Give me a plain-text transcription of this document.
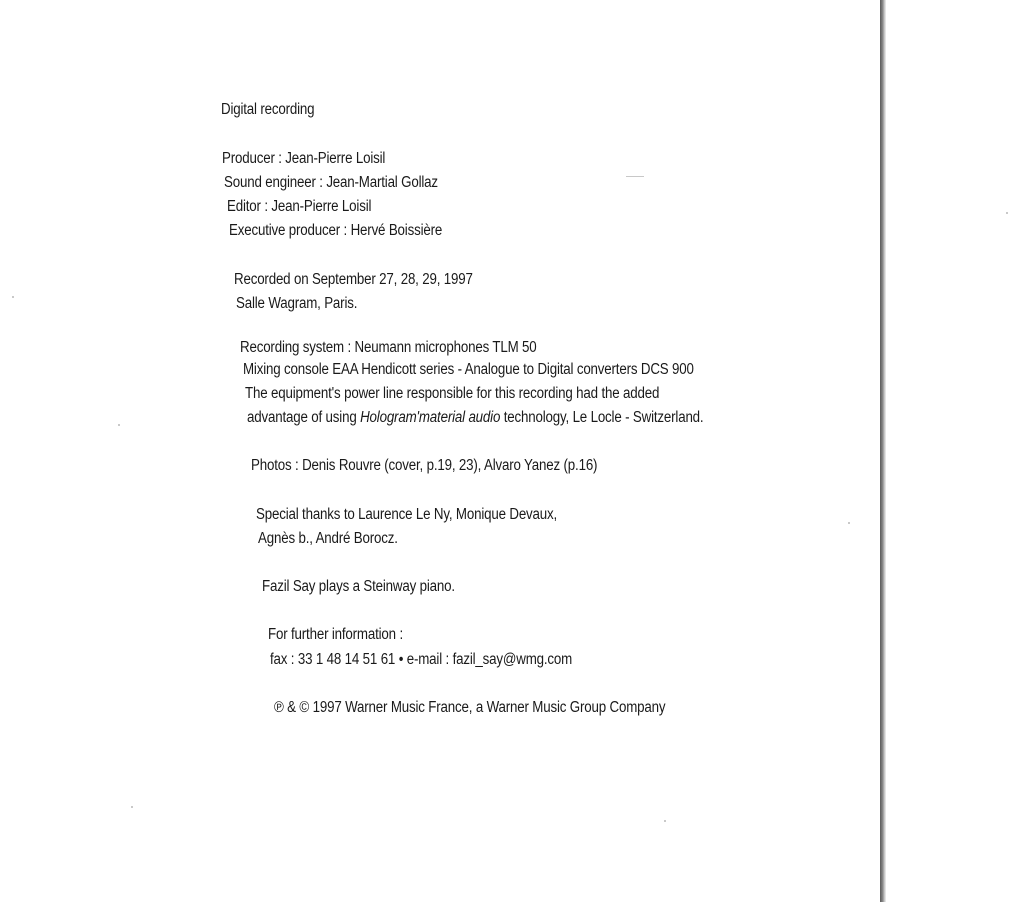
Digital recording
Producer : Jean-Pierre Loisil
Sound engineer : Jean-Martial Gollaz
Editor : Jean-Pierre Loisil
Executive producer : Hervé Boissière
Recorded on September 27, 28, 29, 1997
Salle Wagram, Paris.
Recording system : Neumann microphones TLM 50
Mixing console EAA Hendicott series - Analogue to Digital converters DCS 900
The equipment's power line responsible for this recording had the added
advantage of using Hologram'material audio technology, Le Locle - Switzerland.
Photos : Denis Rouvre (cover, p.19, 23), Alvaro Yanez (p.16)
Special thanks to Laurence Le Ny, Monique Devaux,
Agnès b., André Borocz.
Fazil Say plays a Steinway piano.
For further information :
fax : 33 1 48 14 51 61 • e-mail : fazil_say@wmg.com
℗ & © 1997 Warner Music France, a Warner Music Group Company
